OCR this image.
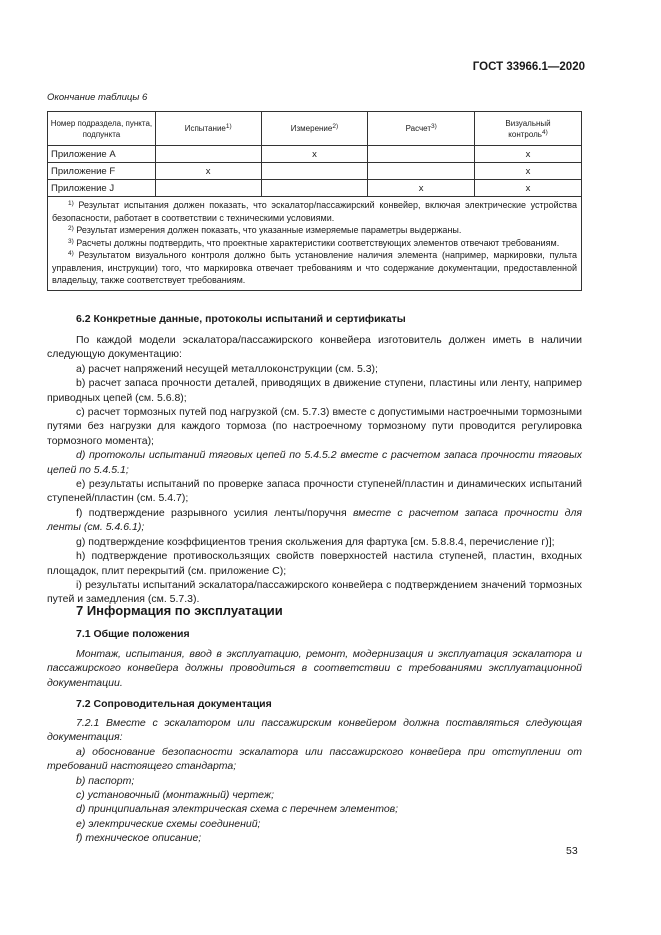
ГОСТ 33966.1—2020
Окончание таблицы 6
Номер подраздела, пункта, подпункта	Испытание$^{1)}$	Измерение$^{2)}$	Расчет$^{3)}$	Визуальный контроль$^{4)}$
Приложение A		x		x
Приложение F	x			x
Приложение J			x	x

$^{1)}$ Результат испытания должен показать, что эскалатор/пассажирский конвейер, включая электрические устройства безопасности, работает в соответствии с техническими условиями.

$^{2)}$ Результат измерения должен показать, что указанные измеряемые параметры выдержаны.

$^{3)}$ Расчеты должны подтвердить, что проектные характеристики соответствующих элементов отвечают требованиям.

$^{4)}$ Результатом визуального контроля должно быть установление наличия элемента (например, маркировки, пульта управления, инструкции) того, что маркировка отвечает требованиям и что содержание документации, предоставленной владельцу, также соответствует требованиям.				

6.2 Конкретные данные, протоколы испытаний и сертификаты

По каждой модели эскалатора/пассажирского конвейера изготовитель должен иметь в наличии следующую документацию:

a) расчет напряжений несущей металлоконструкции (см. 5.3);

b) расчет запаса прочности деталей, приводящих в движение ступени, пластины или ленту, например приводных цепей (см. 5.6.8);

c) расчет тормозных путей под нагрузкой (см. 5.7.3) вместе с допустимыми настроечными тормозными путями без нагрузки для каждого тормоза (по настроечному тормозному пути проводится регулировка тормозного момента);

d) протоколы испытаний тяговых цепей по 5.4.5.2 вместе с расчетом запаса прочности тяговых цепей по 5.4.5.1;

e) результаты испытаний по проверке запаса прочности ступеней/пластин и динамических испытаний ступеней/пластин (см. 5.4.7);

f) подтверждение разрывного усилия ленты/поручня вместе с расчетом запаса прочности для ленты (см. 5.4.6.1);

g) подтверждение коэффициентов трения скольжения для фартука [см. 5.8.8.4, перечисление г)];

h) подтверждение противоскользящих свойств поверхностей настила ступеней, пластин, входных площадок, плит перекрытий (см. приложение C);

i) результаты испытаний эскалатора/пассажирского конвейера с подтверждением значений тормозных путей и замедления (см. 5.7.3).

7 Информация по эксплуатации
7.1 Общие положения

Монтаж, испытания, ввод в эксплуатацию, ремонт, модернизация и эксплуатация эскалатора и пассажирского конвейера должны проводиться в соответствии с требованиями эксплуатационной документации.

7.2 Сопроводительная документация

7.2.1 Вместе с эскалатором или пассажирским конвейером должна поставляться следующая документация:

a) обоснование безопасности эскалатора или пассажирского конвейера при отступлении от требований настоящего стандарта;

b) паспорт;

c) установочный (монтажный) чертеж;

d) принципиальная электрическая схема с перечнем элементов;

e) электрические схемы соединений;

f) техническое описание;

53
